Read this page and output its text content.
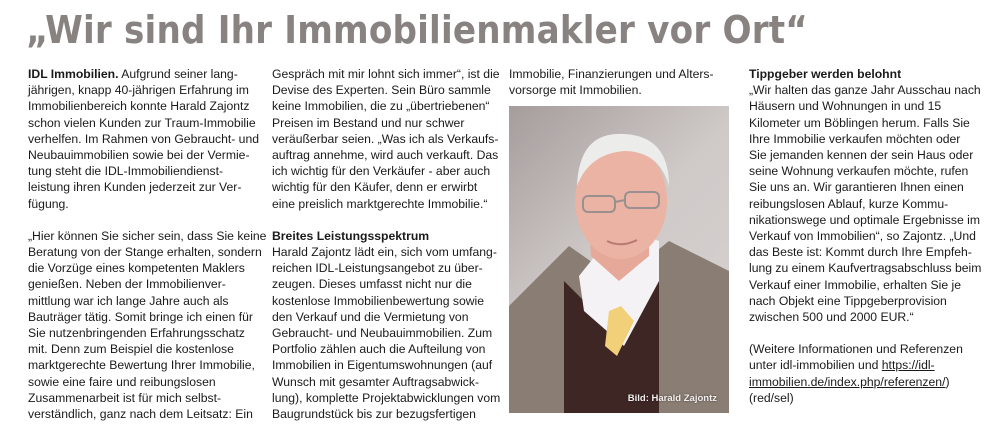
„Wir sind Ihr Immobilienmakler vor Ort“

IDL Immobilien. Aufgrund seiner lang-
jährigen, knapp 40-jährigen Erfahrung im
Immobilienbereich konnte Harald Zajontz
schon vielen Kunden zur Traum-Immobilie
verhelfen. Im Rahmen von Gebraucht- und
Neubauimmobilien sowie bei der Vermie-
tung steht die IDL-Immobiliendienst-
leistung ihren Kunden jederzeit zur Ver-
fügung.

„Hier können Sie sicher sein, dass Sie keine
Beratung von der Stange erhalten, sondern
die Vorzüge eines kompetenten Maklers
genießen. Neben der Immobilienver-
mittlung war ich lange Jahre auch als
Bauträger tätig. Somit bringe ich einen für
Sie nutzenbringenden Erfahrungsschatz
mit. Denn zum Beispiel die kostenlose
marktgerechte Bewertung Ihrer Immobilie,
sowie eine faire und reibungslosen
Zusammenarbeit ist für mich selbst-
verständlich, ganz nach dem Leitsatz: Ein

Gespräch mit mir lohnt sich immer“, ist die
Devise des Experten. Sein Büro sammle
keine Immobilien, die zu „übertriebenen“
Preisen im Bestand und nur schwer
veräußerbar seien. „Was ich als Verkaufs-
auftrag annehme, wird auch verkauft. Das
ich wichtig für den Verkäufer - aber auch
wichtig für den Käufer, denn er erwirbt
eine preislich marktgerechte Immobilie.“

Breites Leistungsspektrum
Harald Zajontz lädt ein, sich vom umfang-
reichen IDL-Leistungsangebot zu über-
zeugen. Dieses umfasst nicht nur die
kostenlose Immobilienbewertung sowie
den Verkauf und die Vermietung von
Gebraucht- und Neubauimmobilien. Zum
Portfolio zählen auch die Aufteilung von
Immobilien in Eigentumswohnungen (auf
Wunsch mit gesamter Auftragsabwick-
lung), komplette Projektabwicklungen vom
Baugrundstück bis zur bezugsfertigen

Immobilie, Finanzierungen und Alters-
vorsorge mit Immobilien.

Bild: Harald Zajontz

Tippgeber werden belohnt
„Wir halten das ganze Jahr Ausschau nach
Häusern und Wohnungen in und 15
Kilometer um Böblingen herum. Falls Sie
Ihre Immobilie verkaufen möchten oder
Sie jemanden kennen der sein Haus oder
seine Wohnung verkaufen möchte, rufen
Sie uns an. Wir garantieren Ihnen einen
reibungslosen Ablauf, kurze Kommu-
nikationswege und optimale Ergebnisse im
Verkauf von Immobilien“, so Zajontz. „Und
das Beste ist: Kommt durch Ihre Empfeh-
lung zu einem Kaufvertragsabschluss beim
Verkauf einer Immobilie, erhalten Sie je
nach Objekt eine Tippgeberprovision
zwischen 500 und 2000 EUR.“

(Weitere Informationen und Referenzen
unter idl-immobilien und https://idl-
immobilien.de/index.php/referenzen/)
(red/sel)
